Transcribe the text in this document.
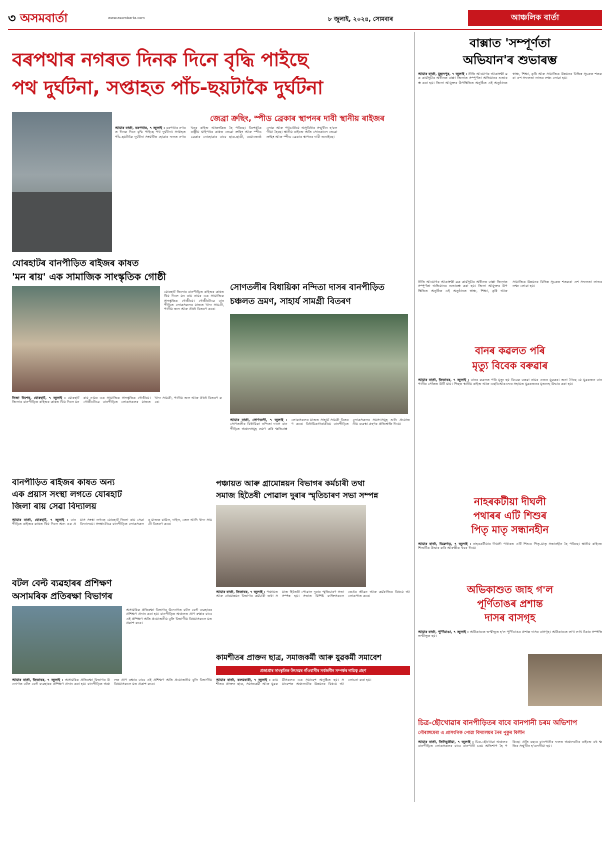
৩ অসমবাৰ্তা	www.asombarta.com	৮ জুলাই, ২০২৪, সোমবাৰ	আঞ্চলিক বাৰ্তা
বৰপথাৰ নগৰত দিনক দিনে বৃদ্ধি পাইছে
পথ দুৰ্ঘটনা, সপ্তাহত পাঁচ-ছয়টাকৈ দুৰ্ঘটনা
বাক্সাত 'সম্পূৰ্ণতা
অভিযান'ৰ শুভাৰম্ভ

আমাৰ বাৰ্তা, মুছলপুৰ, ৭ জুলাই : নীতি আয়োগৰ আকাংক্ষী ব্লক কাৰ্যসূচীৰ অধীনত বাক্সা জিলাত সম্পূৰ্ণতা অভিযানৰ শুভাৰম্ভ কৰা হয়। জিলা আয়ুক্তৰ উপস্থিতিত অনুষ্ঠিত এই অনুষ্ঠানত স্বাস্থ্য, শিক্ষা, কৃষি আৰু সামাজিক উন্নয়নৰ বিভিন্ন সূচকত শতকৰা এশ সফলতা লাভৰ লক্ষ্য লোৱা হয়।

জেব্ৰা ক্ৰছিং, স্পীড ব্ৰেকাৰ স্থাপনৰ দাবী স্থানীয় ৰাইজৰ

আমাৰ বাৰ্তা, বৰপথাৰ, ৭ জুলাই : বৰপথাৰ নগৰত দিনক দিনে বৃদ্ধি পাইছে পথ দুৰ্ঘটনা। সপ্তাহত পাঁচ-ছয়টাকৈ দুৰ্ঘটনা সংঘটিত হোৱাৰ ফলত নগৰখনৰ ৰাইজ আতংকিত হৈ পৰিছে। বিশেষকৈ ৰাষ্ট্ৰীয় ঘাইপথৰ কাষত জেব্ৰা ক্ৰছিং আৰু স্পীড ব্ৰেকাৰ নোহোৱাৰ বাবে ছাত্ৰ-ছাত্ৰী, বয়োজ্যেষ্ঠ লোক আৰু পথচাৰীয়ে অসুবিধাৰ সন্মুখীন হ'বলগীয়া হৈছে। স্থানীয় ৰাইজে অতি সোনকালে জেব্ৰা ক্ৰছিং আৰু স্পীড ব্ৰেকাৰ স্থাপনৰ দাবী জনাইছে।

যোৰহাটৰ বানপীড়িত ৰাইজৰ কাষত
'মন ৰায়' এক সামাজিক সাংস্কৃতিক গোষ্ঠী

যোৰহাট জিলাৰ বানপীড়িত ৰাইজৰ কাষত থিয় দিলে মন ৰায় নামৰ এক সামাজিক সাংস্কৃতিক গোষ্ঠীয়ে। গোষ্ঠীটোৱে বানপীড়িত লোকসকলৰ মাজত খাদ্য সামগ্ৰী, পানীয় জল আৰু ঔষধ বিতৰণ কৰে।

নিজা বিশেষ, যোৰহাট, ৭ জুলাই : যোৰহাট জিলাৰ বানপীড়িত ৰাইজৰ কাষত থিয় দিলে মন ৰায় নামৰ এক সামাজিক সাংস্কৃতিক গোষ্ঠীয়ে। গোষ্ঠীটোৱে বানপীড়িত লোকসকলৰ মাজত খাদ্য সামগ্ৰী, পানীয় জল আৰু ঔষধ বিতৰণ কৰে।

সোণতলীৰ বিধায়িকা নন্দিতা দাসৰ বানপীড়িত
চঞ্চলত ভ্ৰমণ, সাহাৰ্য সামগ্ৰী বিতৰণ

আমাৰ বাৰ্তা, সোণতলী, ৭ জুলাই : সোণতলীৰ বিধায়িকা নন্দিতা দাসে বানপীড়িত অঞ্চলসমূহ ভ্ৰমণ কৰি ক্ষতিগ্ৰস্ত লোকসকলৰ মাজত সাহাৰ্য সামগ্ৰী বিতৰণ কৰে। বিধায়িকাগৰাকীয়ে বানপীড়িত লোকসকলৰ সমস্যাসমূহ শুনি প্ৰয়োজনীয় ব্যৱস্থা গ্ৰহণৰ প্ৰতিশ্ৰুতি দিয়ে।

নীতি আয়োগৰ আকাংক্ষী ব্লক কাৰ্যসূচীৰ অধীনত বাক্সা জিলাত সম্পূৰ্ণতা অভিযানৰ শুভাৰম্ভ কৰা হয়। জিলা আয়ুক্তৰ উপস্থিতিত অনুষ্ঠিত এই অনুষ্ঠানত স্বাস্থ্য, শিক্ষা, কৃষি আৰু সামাজিক উন্নয়নৰ বিভিন্ন সূচকত শতকৰা এশ সফলতা লাভৰ লক্ষ্য লোৱা হয়।

বানৰ কৱলত পৰি
মৃত্যু বিবেক বৰুৱাৰ

আমাৰ বাৰ্তা, তিতাবৰ, ৭ জুলাই : বানৰ কৱলত পৰি মৃত্যু হয় বিবেক বৰুৱা নামৰ এজন যুৱকৰ। জনা গৈছে যে যুৱকজন বানপানীৰ সোঁতত উটি যায়। পিছত স্থানীয় ৰাইজ আৰু এছডিআৰএফৰ সহায়ত যুৱকজনৰ মৃতদেহ উদ্ধাৰ কৰা হয়।

নাহৰকটীয়া দীঘলী
পথাৰৰ এটি শিশুৰ
পিতৃ মাতৃ সন্ধানহীন

আমাৰ বাৰ্তা, ডিব্ৰুগড়, ৭ জুলাই : নাহৰকটীয়াৰ দীঘলী পথাৰত এটি শিশুৰ পিতৃ-মাতৃ সন্ধানহীন হৈ পৰিছে। স্থানীয় ৰাইজে শিশুটিক উদ্ধাৰ কৰি আৰক্ষীক খবৰ দিয়ে।

অভিকাশুত জাহ গ'ল
পূৰ্ণিতাঙৰ প্ৰশান্ত
দাসৰ বাসগৃহ

আমাৰ বাৰ্তা, পূৰ্ণিডাঙা, ৭ জুলাই : অগ্নিকাণ্ডত ভস্মীভূত হ'ল পূৰ্ণিডাঙৰ প্ৰশান্ত দাসৰ বাসগৃহ। অগ্নিকাণ্ডত লাখ লাখ টকাৰ সম্পত্তি ভস্মীভূত হয়।

বানপীড়িত ৰাইজৰ কাষত অন্য
এক প্ৰয়াস সংস্থা লগতে যোৰহাট
জিলা ৰায় সেৱা বিদ্যালয়

আমাৰ বাৰ্তা, যোৰহাট, ৭ জুলাই : বানপীড়িত ৰাইজৰ কাষত থিয় দিলে অন্য এক প্ৰয়াস সংস্থা লগতে যোৰহাট জিলা ৰায় সেৱা বিদ্যালয়ে। সংস্থাটোৱে বানপীড়িত লোকসকলৰ মাজত চাউল, দাইল, তেল আদি খাদ্য সামগ্ৰী বিতৰণ কৰে।

পঞ্চায়ত আৰু গ্ৰামোন্নয়ন বিভাগৰ কৰ্মচাৰী তথা
সমাজ হিতৈষী পোৱাল দুৰাৰ স্মৃতিচাৰণ সভা সম্পন্ন

আমাৰ বাৰ্তা, তিতাবৰ, ৭ জুলাই : পঞ্চায়ত আৰু গ্ৰামোন্নয়ন বিভাগৰ কৰ্মচাৰী তথা সমাজ হিতৈষী পোৱাল দুৰাৰ স্মৃতিচাৰণ সভা সম্পন্ন হয়। সভাত বিশিষ্ট ব্যক্তিসকলে তেওঁৰ জীৱন আৰু কৰ্মৰাজিৰ বিষয়ে আলোকপাত কৰে।

বটল বেল্ট ব্যৱহাৰৰ প্ৰশিক্ষণ
অসামৰিক প্ৰতিৰক্ষা বিভাগৰ

আমাৰ বাৰ্তা, তিতাবৰ, ৭ জুলাই : অসামৰিক প্ৰতিৰক্ষা বিভাগৰ উদ্যোগত বটল বেল্ট ব্যৱহাৰৰ প্ৰশিক্ষণ প্ৰদান কৰা হয়। বানপীড়িত অঞ্চলত প্ৰাণ ৰক্ষাৰ বাবে এই প্ৰশিক্ষণ অতি প্ৰয়োজনীয় বুলি বিভাগীয় বিষয়াসকলে মত প্ৰকাশ কৰে।

অসামৰিক প্ৰতিৰক্ষা বিভাগৰ উদ্যোগত বটল বেল্ট ব্যৱহাৰৰ প্ৰশিক্ষণ প্ৰদান কৰা হয়। বানপীড়িত অঞ্চলত প্ৰাণ ৰক্ষাৰ বাবে এই প্ৰশিক্ষণ অতি প্ৰয়োজনীয় বুলি বিভাগীয় বিষয়াসকলে মত প্ৰকাশ কৰে।

কামশীতৰ প্ৰাক্তন ছাত্ৰ, সমাজকৰ্মী আৰু যুৱকৰ্মী সমাবেশ
প্ৰজাপ্ৰাৰ সাংস্কৃতিক উৎসৱৰ গাঁওবাসীৰ সৰ্বজনীন সম্পৰ্কৰ দায়িত্ব গ্ৰহণ

আমাৰ বাৰ্তা, কলমবাৰী, ৭ জুলাই : কামশীতৰ প্ৰাক্তন ছাত্ৰ, সমাজকৰ্মী আৰু যুৱকৰ্মীসকলৰ এক সমাবেশ অনুষ্ঠিত হয়। সমাবেশত অঞ্চলটোৰ উন্নয়নৰ বিষয়ে আলোচনা কৰা হয়।

চিত্ৰ-ছৌখোৱাৰ বানপীড়িতৰ বাবে বানপানী চৰম অভিশাপ
গৌৰাঙ্গমেৰা এ প্ৰাসংগিক পোৱা বিদ্যালয়ৰ নৈৰ পুকুৰ বিলীন

আমাৰ বাৰ্তা, তিনিচুকীয়া, ৭ জুলাই : চিত্ৰ-ছৌখোৱা অঞ্চলৰ বানপীড়িত লোকসকলৰ বাবে বানপানী চৰম অভিশাপ হৈ পৰিছে। প্ৰতি বছৰে বানপানীৰ ফলত অঞ্চলটোৰ ৰাইজে বহু ক্ষতিৰ সন্মুখীন হ'বলগীয়া হয়।
